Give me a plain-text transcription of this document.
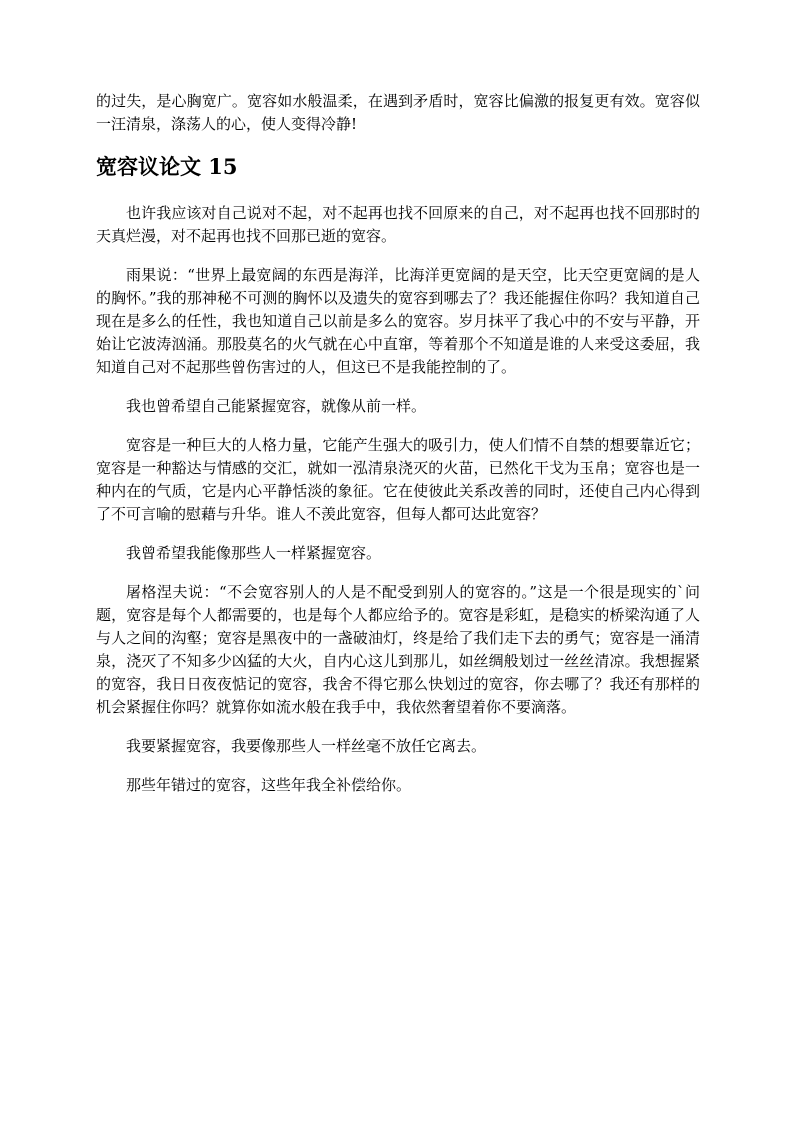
的过失，是心胸宽广。宽容如水般温柔，在遇到矛盾时，宽容比偏激的报复更有效。宽容似一汪清泉，涤荡人的心，使人变得冷静!

宽容议论文 15

也许我应该对自己说对不起，对不起再也找不回原来的自己，对不起再也找不回那时的天真烂漫，对不起再也找不回那已逝的宽容。

雨果说：“世界上最宽阔的东西是海洋，比海洋更宽阔的是天空，比天空更宽阔的是人的胸怀。”我的那神秘不可测的胸怀以及遗失的宽容到哪去了？我还能握住你吗？我知道自己现在是多么的任性，我也知道自己以前是多么的宽容。岁月抹平了我心中的不安与平静，开始让它波涛汹涌。那股莫名的火气就在心中直窜，等着那个不知道是谁的人来受这委屈，我知道自己对不起那些曾伤害过的人，但这已不是我能控制的了。

我也曾希望自己能紧握宽容，就像从前一样。

宽容是一种巨大的人格力量，它能产生强大的吸引力，使人们情不自禁的想要靠近它；宽容是一种豁达与情感的交汇，就如一泓清泉浇灭的火苗，已然化干戈为玉帛；宽容也是一种内在的气质，它是内心平静恬淡的象征。它在使彼此关系改善的同时，还使自己内心得到了不可言喻的慰藉与升华。谁人不羡此宽容，但每人都可达此宽容？

我曾希望我能像那些人一样紧握宽容。

屠格涅夫说：“不会宽容别人的人是不配受到别人的宽容的。”这是一个很是现实的`问题，宽容是每个人都需要的，也是每个人都应给予的。宽容是彩虹，是稳实的桥梁沟通了人与人之间的沟壑；宽容是黑夜中的一盏破油灯，终是给了我们走下去的勇气；宽容是一涌清泉，浇灭了不知多少凶猛的大火，自内心这儿到那儿，如丝绸般划过一丝丝清凉。我想握紧的宽容，我日日夜夜惦记的宽容，我舍不得它那么快划过的宽容，你去哪了？我还有那样的机会紧握住你吗？就算你如流水般在我手中，我依然奢望着你不要滴落。

我要紧握宽容，我要像那些人一样丝毫不放任它离去。

那些年错过的宽容，这些年我全补偿给你。
